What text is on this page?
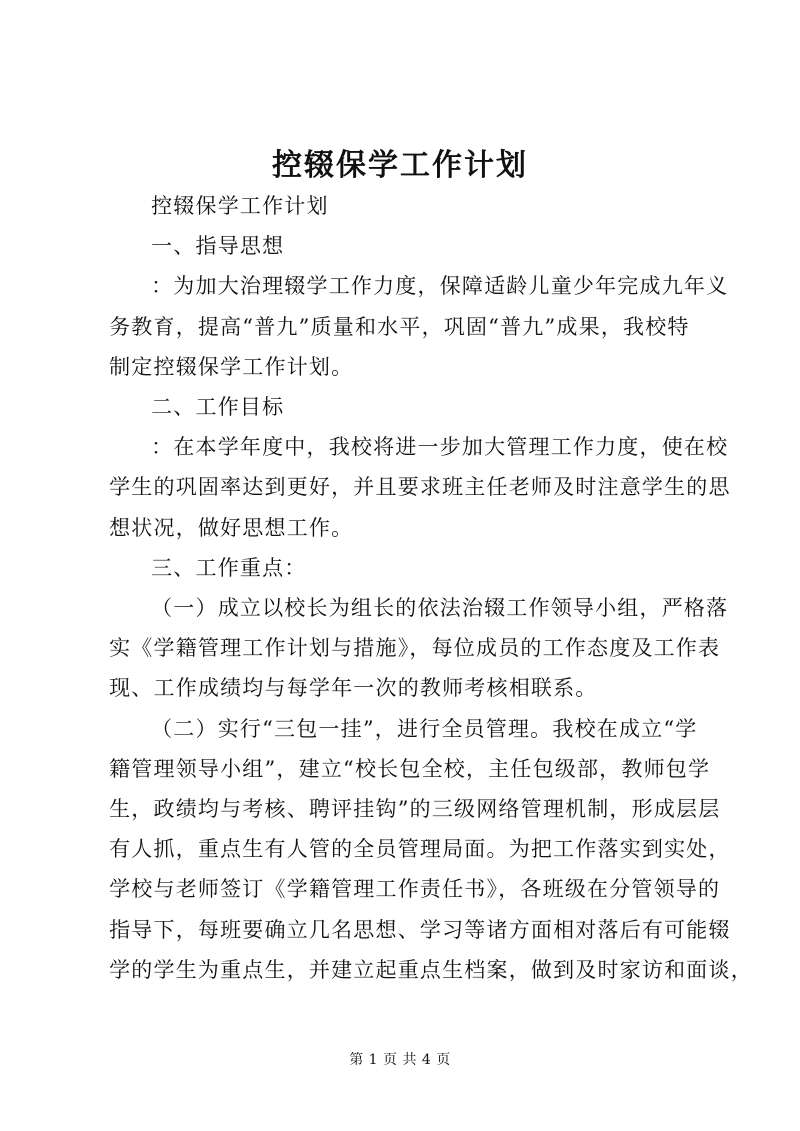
控辍保学工作计划

控辍保学工作计划

一、指导思想

：为加大治理辍学工作力度，保障适龄儿童少年完成九年义
务教育，提高“普九”质量和水平，巩固“普九”成果，我校特
制定控辍保学工作计划。

二、工作目标

：在本学年度中，我校将进一步加大管理工作力度，使在校
学生的巩固率达到更好，并且要求班主任老师及时注意学生的思
想状况，做好思想工作。

三、工作重点：

（一）成立以校长为组长的依法治辍工作领导小组，严格落
实《学籍管理工作计划与措施》，每位成员的工作态度及工作表
现、工作成绩均与每学年一次的教师考核相联系。

（二）实行“三包一挂”，进行全员管理。我校在成立“学
籍管理领导小组”，建立“校长包全校，主任包级部，教师包学
生，政绩均与考核、聘评挂钩”的三级网络管理机制，形成层层
有人抓，重点生有人管的全员管理局面。为把工作落实到实处，
学校与老师签订《学籍管理工作责任书》，各班级在分管领导的
指导下，每班要确立几名思想、学习等诸方面相对落后有可能辍
学的学生为重点生，并建立起重点生档案，做到及时家访和面谈，

第 1 页 共 4 页
